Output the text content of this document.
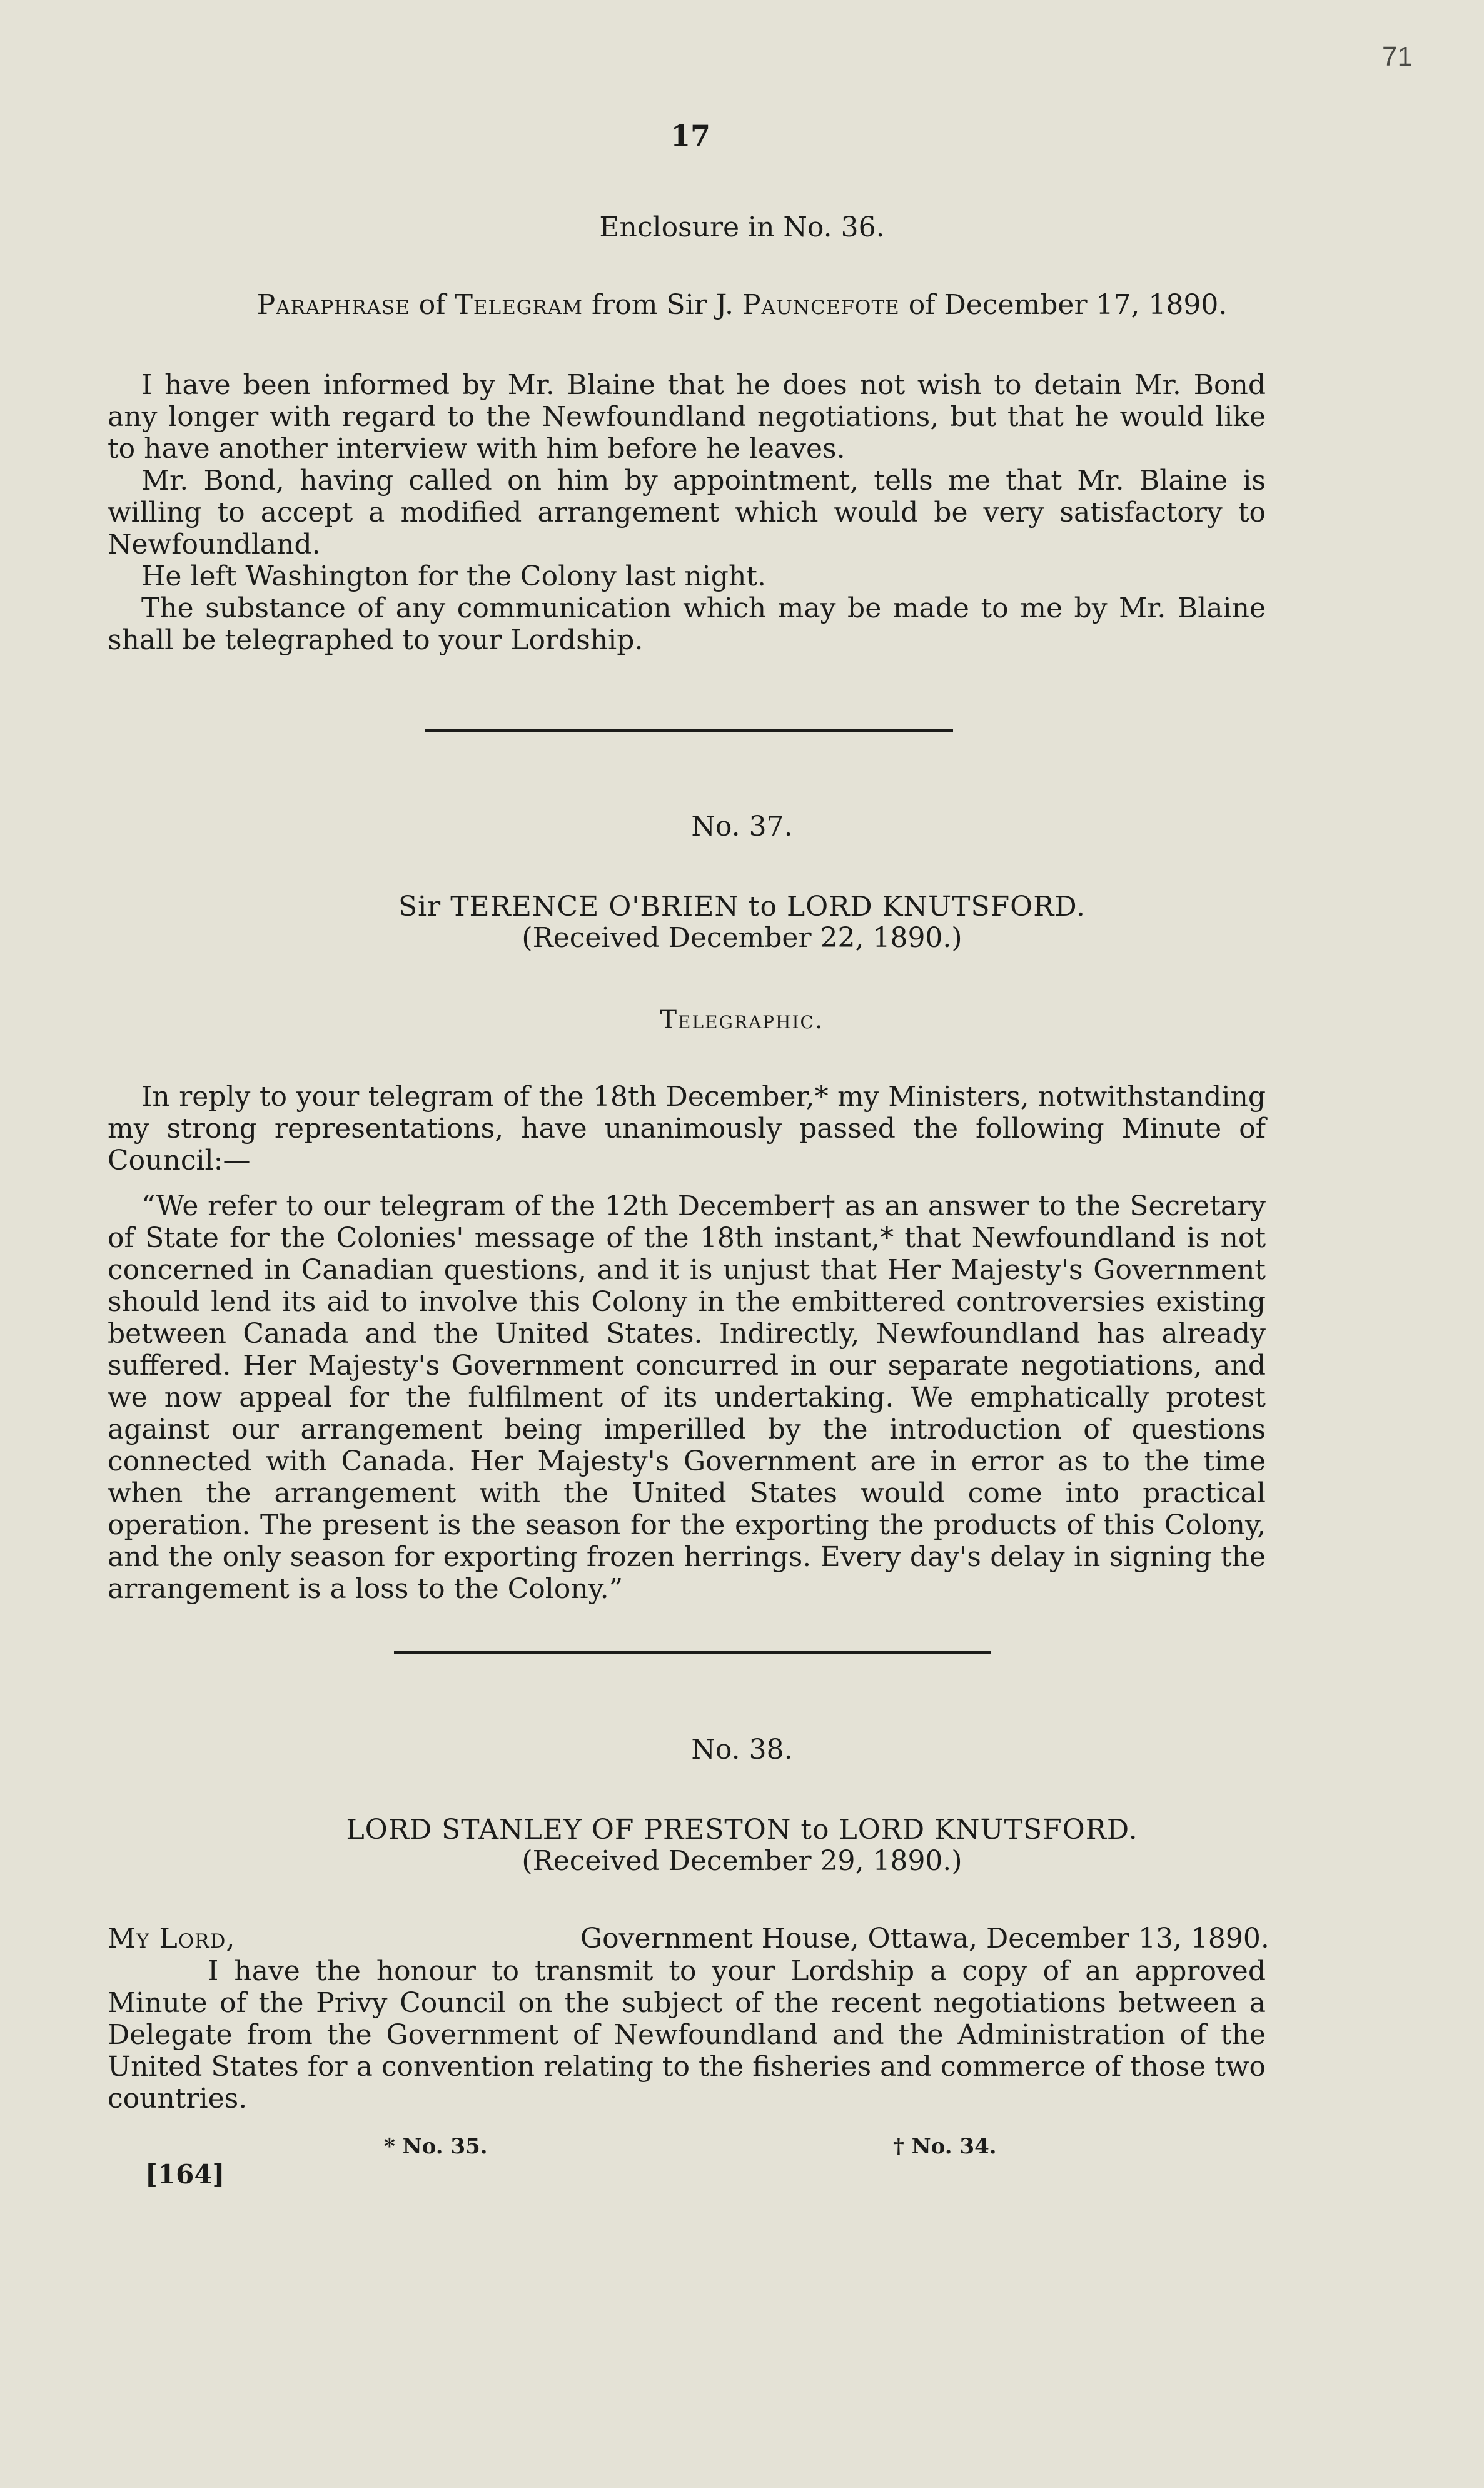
71
17
Enclosure in No. 36.
Paraphrase of Telegram from Sir J. Pauncefote of December 17, 1890.

I have been informed by Mr. Blaine that he does not wish to detain Mr. Bond any longer with regard to the Newfoundland negotiations, but that he would like to have another interview with him before he leaves.

Mr. Bond, having called on him by appointment, tells me that Mr. Blaine is willing to accept a modified arrangement which would be very satisfactory to Newfoundland.

He left Washington for the Colony last night.

The substance of any communication which may be made to me by Mr. Blaine shall be telegraphed to your Lordship.

No. 37.
Sir TERENCE O'BRIEN to LORD KNUTSFORD.
(Received December 22, 1890.)
Telegraphic.

In reply to your telegram of the 18th December,* my Ministers, notwithstanding my strong representations, have unanimously passed the following Minute of Council:—

“We refer to our telegram of the 12th December† as an answer to the Secretary of State for the Colonies' message of the 18th instant,* that Newfoundland is not concerned in Canadian questions, and it is unjust that Her Majesty's Government should lend its aid to involve this Colony in the embittered controversies existing between Canada and the United States. Indirectly, Newfoundland has already suffered. Her Majesty's Government concurred in our separate negotiations, and we now appeal for the fulfilment of its undertaking. We emphatically protest against our arrangement being imperilled by the introduction of questions connected with Canada. Her Majesty's Government are in error as to the time when the arrangement with the United States would come into practical operation. The present is the season for the exporting the products of this Colony, and the only season for exporting frozen herrings. Every day's delay in signing the arrangement is a loss to the Colony.”

No. 38.
LORD STANLEY OF PRESTON to LORD KNUTSFORD.
(Received December 29, 1890.)
My Lord,	Government House, Ottawa, December 13, 1890.

I have the honour to transmit to your Lordship a copy of an approved Minute of the Privy Council on the subject of the recent negotiations between a Delegate from the Government of Newfoundland and the Administration of the United States for a convention relating to the fisheries and commerce of those two countries.

* No. 35.	† No. 34.
[164]
